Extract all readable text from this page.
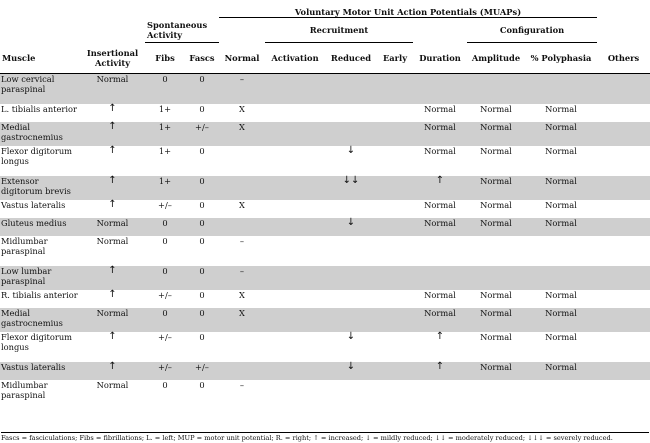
				Voluntary Motor Unit Action Potentials (MUAPs)							
		Spontaneous Activity			Recruitment				Configuration		
Muscle	Insertional Activity	Fibs	Fascs	Normal	Activation	Reduced	Early	Duration	Amplitude	% Polyphasia	Others
Low cervical paraspinal	Normal	0	0	–							
L. tibialis anterior	↑	1+	0	X				Normal	Normal	Normal	
Medial gastrocnemius	↑	1+	+/–	X				Normal	Normal	Normal	
Flexor digitorum longus	↑	1+	0			↓		Normal	Normal	Normal	
Extensor digitorum brevis	↑	1+	0			↓↓		↑	Normal	Normal	
Vastus lateralis	↑	+/–	0	X				Normal	Normal	Normal	
Gluteus medius	Normal	0	0			↓		Normal	Normal	Normal	
Midlumbar paraspinal	Normal	0	0	–							
Low lumbar paraspinal	↑	0	0	–							
R. tibialis anterior	↑	+/–	0	X				Normal	Normal	Normal	
Medial gastrocnemius	Normal	0	0	X				Normal	Normal	Normal	
Flexor digitorum longus	↑	+/–	0			↓		↑	Normal	Normal	
Vastus lateralis	↑	+/–	+/–			↓		↑	Normal	Normal	
Midlumbar paraspinal	Normal	0	0	–							
Fascs = fasciculations; Fibs = fibrillations; L. = left; MUP = motor unit potential; R. = right; ↑ = increased; ↓ = mildly reduced; ↓↓ = moderately reduced; ↓↓↓ = severely reduced.
